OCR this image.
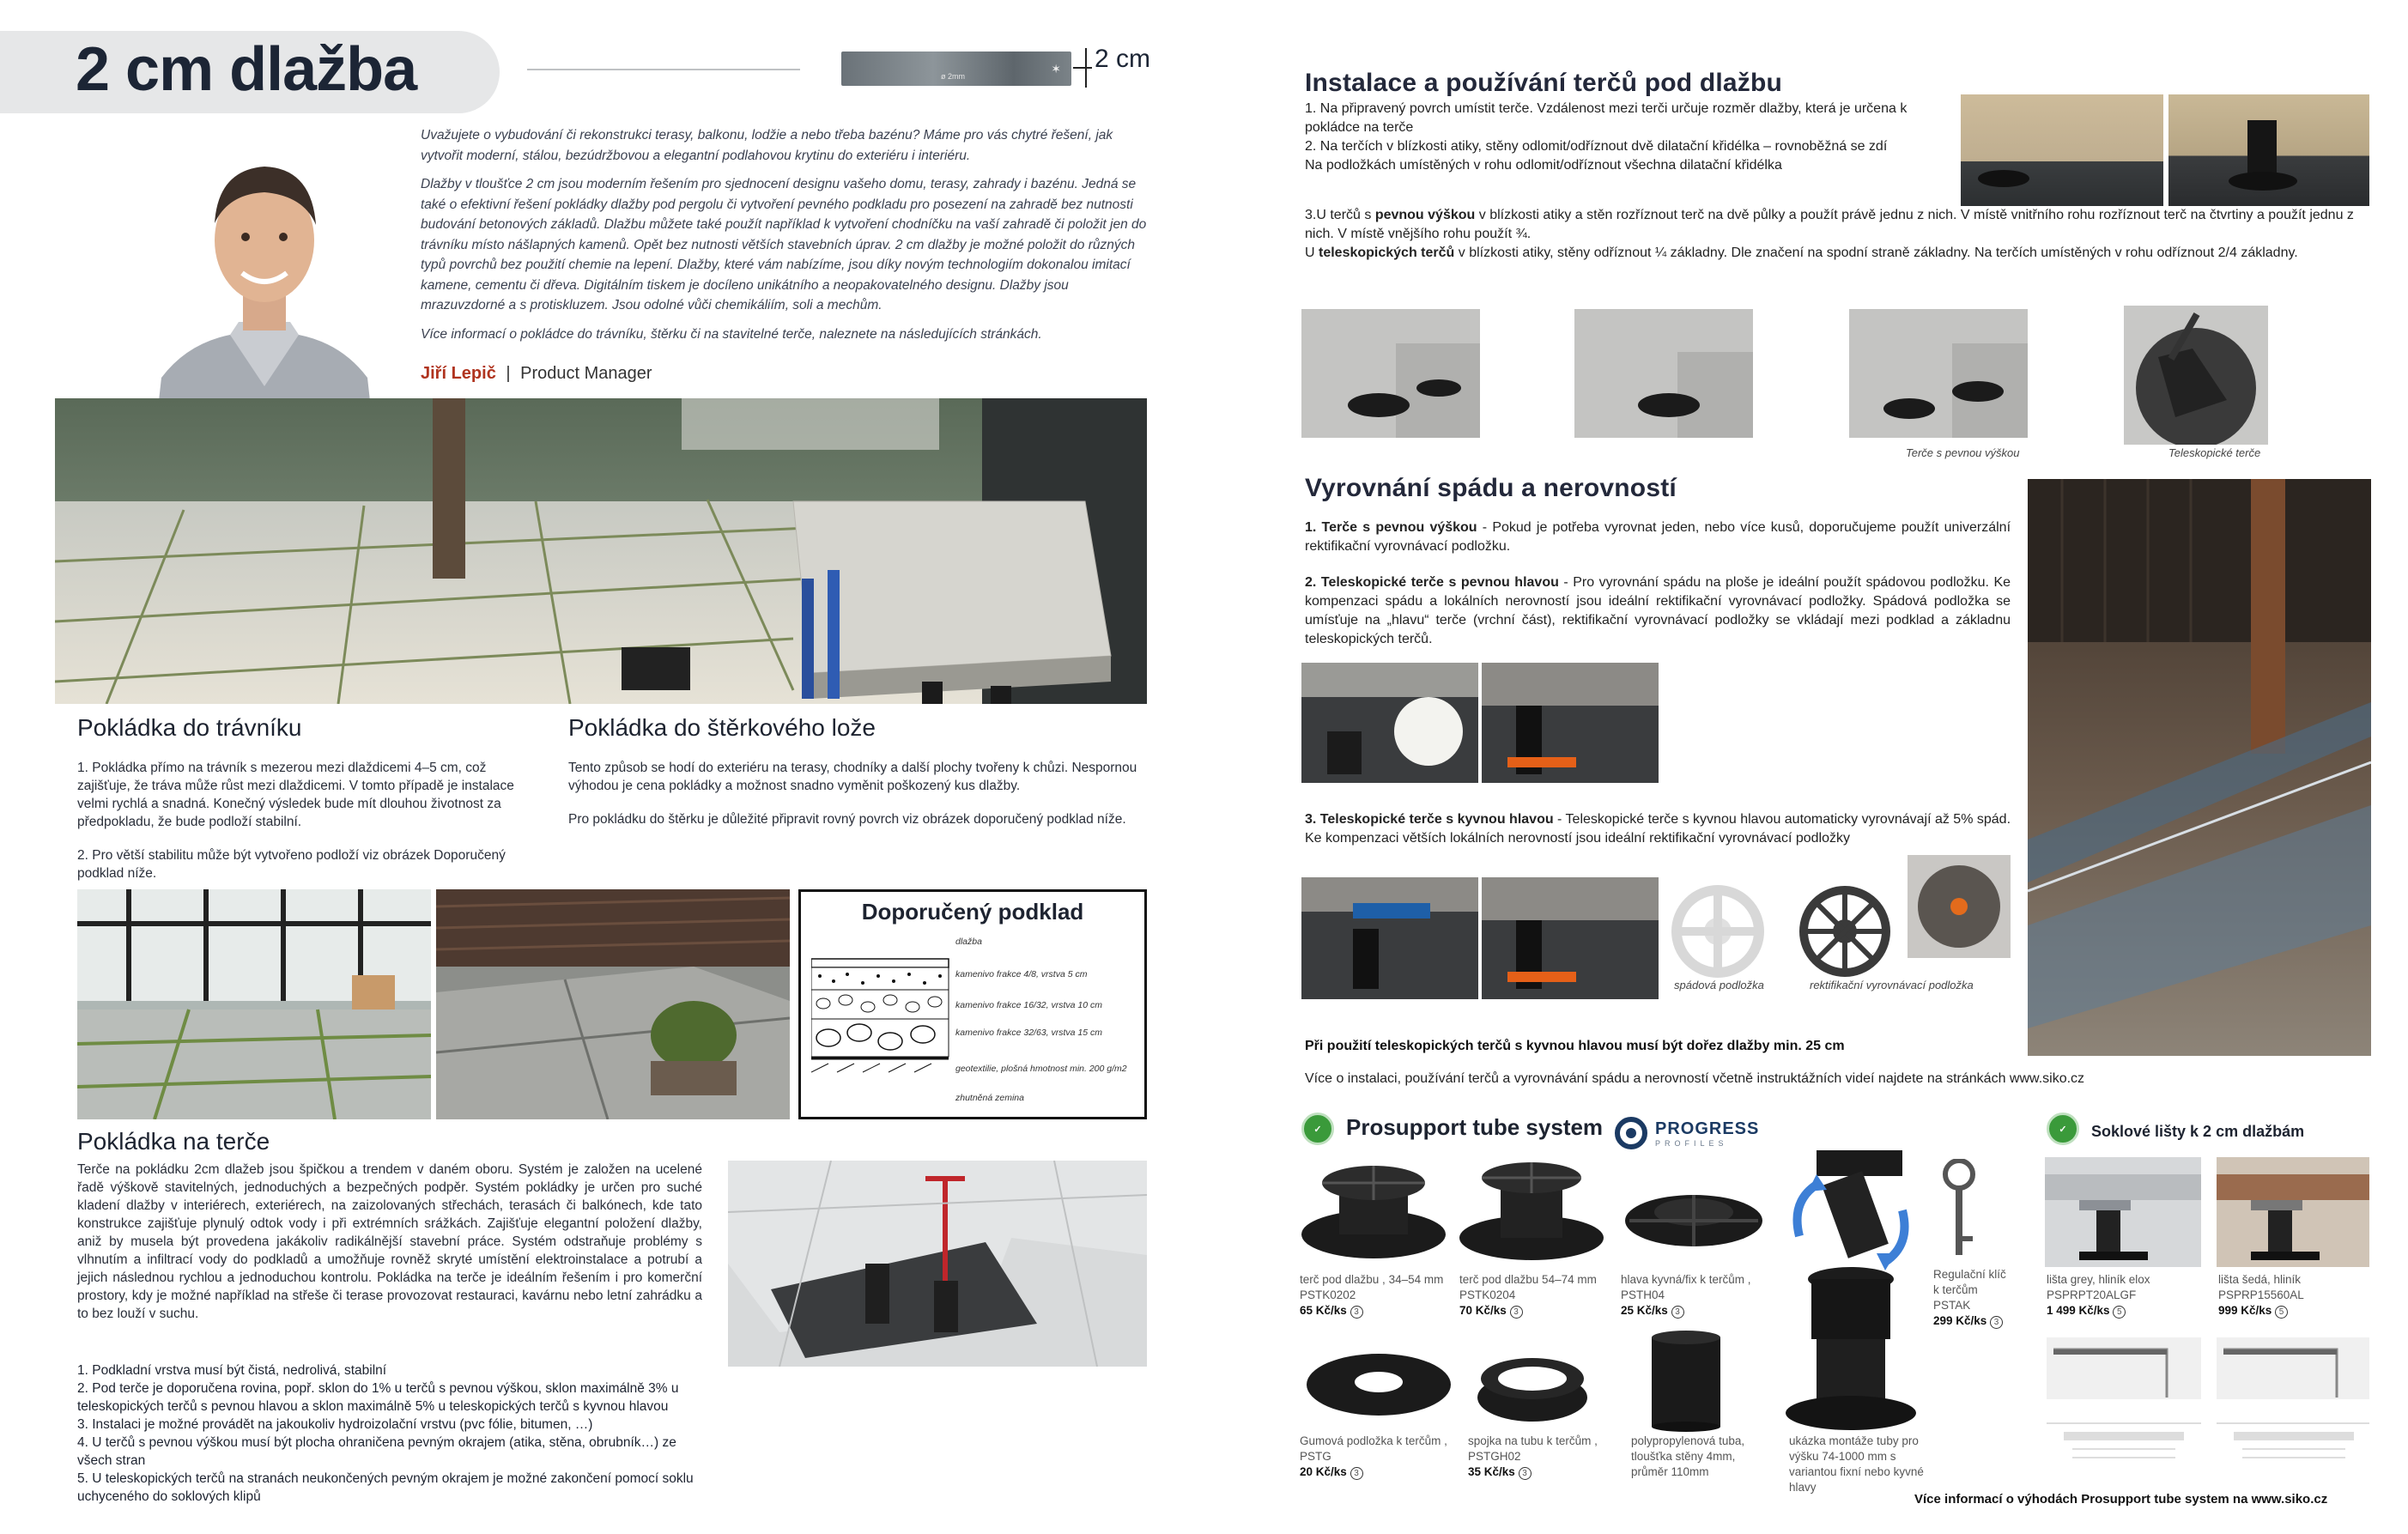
2 cm dlažba	ø 2mm
✶ 2 cm

Uvažujete o vybudování či rekonstrukci terasy, balkonu, lodžie a nebo třeba bazénu? Máme pro vás chytré řešení, jak vytvořit moderní, stálou, bezúdržbovou a elegantní podlahovou krytinu do exteriéru i interiéru.

Dlažby v tloušťce 2 cm jsou moderním řešením pro sjednocení designu vašeho domu, terasy, zahrady i bazénu. Jedná se také o efektivní řešení pokládky dlažby pod pergolu či vytvoření pevného podkladu pro posezení na zahradě bez nutnosti budování betonových základů. Dlažbu můžete také použít například k vytvoření chodníčku na vaší zahradě či položit jen do trávníku místo nášlapných kamenů. Opět bez nutnosti větších stavebních úprav. 2 cm dlažby je možné položit do různých typů povrchů bez použití chemie na lepení. Dlažby, které vám nabízíme, jsou díky novým technologiím dokonalou imitací kamene, cementu či dřeva. Digitálním tiskem je docíleno unikátního a neopakovatelného designu. Dlažby jsou mrazuvzdorné a s protiskluzem. Jsou odolné vůči chemikáliím, soli a mechům.

Více informací o pokládce do trávníku, štěrku či na stavitelné terče, naleznete na následujících stránkách.

Jiří Lepič | Product Manager
Pokládka do trávníku

1. Pokládka přímo na trávník s mezerou mezi dlaždicemi 4–5 cm, což zajišťuje, že tráva může růst mezi dlaždicemi. V tomto případě je instalace velmi rychlá a snadná. Konečný výsledek bude mít dlouhou životnost za předpokladu, že bude podloží stabilní.

2. Pro větší stabilitu může být vytvořeno podloží viz obrázek Doporučený podklad níže.

Pokládka do štěrkového lože

Tento způsob se hodí do exteriéru na terasy, chodníky a další plochy tvořeny k chůzi. Nespornou výhodou je cena pokládky a možnost snadno vyměnit poškozený kus dlažby.

Pro pokládku do štěrku je důležité připravit rovný povrch viz obrázek doporučený podklad níže.

Doporučený podklad
dlažba
kamenivo frakce 4/8, vrstva 5 cm
kamenivo frakce 16/32, vrstva 10 cm
kamenivo frakce 32/63, vrstva 15 cm
geotextilie, plošná hmotnost min. 200 g/m2
zhutněná zemina
Pokládka na terče

Terče na pokládku 2cm dlažeb jsou špičkou a trendem v daném oboru. Systém je založen na ucelené řadě výškově stavitelných, jednoduchých a bezpečných podpěr. Systém pokládky je určen pro suché kladení dlažby v interiérech, exteriérech, na zaizolovaných střechách, terasách či balkónech, kde tato konstrukce zajišťuje plynulý odtok vody i při extrémních srážkách. Zajišťuje elegantní položení dlažby, aniž by musela být provedena jakákoliv radikálnější stavební práce. Systém odstraňuje problémy s vlhnutím a infiltrací vody do podkladů a umožňuje rovněž skryté umístění elektroinstalace a potrubí a jejich následnou rychlou a jednoduchou kontrolu. Pokládka na terče je ideálním řešením i pro komerční prostory, kdy je možné například na střeše či terase provozovat restauraci, kavárnu nebo letní zahrádku a to bez louží v suchu.

1. Podkladní vrstva musí být čistá, nedrolivá, stabilní
2. Pod terče je doporučena rovina, popř. sklon do 1% u terčů s pevnou výškou, sklon maximálně 3% u teleskopických terčů s pevnou hlavou a sklon maximálně 5% u teleskopických terčů s kyvnou hlavou
3. Instalaci je možné provádět na jakoukoliv hydroizolační vrstvu (pvc fólie, bitumen, …)
4. U terčů s pevnou výškou musí být plocha ohraničena pevným okrajem (atika, stěna, obrubník…) ze všech stran
5. U teleskopických terčů na stranách neukončených pevným okrajem je možné zakončení pomocí soklu uchyceného do soklových klipů
Instalace a používání terčů pod dlažbu
1. Na připravený povrch umístit terče. Vzdálenost mezi terči určuje rozměr dlažby, která je určena k pokládce na terče
2. Na terčích v blízkosti atiky, stěny odlomit/odříznout dvě dilatační křidélka – rovnoběžná se zdí
Na podložkách umístěných v rohu odlomit/odříznout všechna dilatační křidélka

3.U terčů s pevnou výškou v blízkosti atiky a stěn rozříznout terč na dvě půlky a použít právě jednu z nich. V místě vnitřního rohu rozříznout terč na čtvrtiny a použít jednu z nich. V místě vnějšího rohu použít ¾.

U teleskopických terčů v blízkosti atiky, stěny odříznout ¼ základny. Dle značení na spodní straně základny. Na terčích umístěných v rohu odříznout 2/4 základny.

Terče s pevnou výškou	Teleskopické terče
Vyrovnání spádu a nerovností

1. Terče s pevnou výškou - Pokud je potřeba vyrovnat jeden, nebo více kusů, doporučujeme použít univerzální rektifikační vyrovnávací podložku.

2. Teleskopické terče s pevnou hlavou - Pro vyrovnání spádu na ploše je ideální použít spádovou podložku. Ke kompenzaci spádu a lokálních nerovností jsou ideální rektifikační vyrovnávací podložky. Spádová podložka se umísťuje na „hlavu“ terče (vrchní část), rektifikační vyrovnávací podložky se vkládají mezi podklad a základnu teleskopických terčů.

3. Teleskopické terče s kyvnou hlavou - Teleskopické terče s kyvnou hlavou automaticky vyrovnávají až 5% spád. Ke kompenzaci větších lokálních nerovností jsou ideální rektifikační vyrovnávací podložky

spádová podložka	rektifikační vyrovnávací podložka
Při použití teleskopických terčů s kyvnou hlavou musí být dořez dlažby min. 25 cm
Více o instalaci, používání terčů a vyrovnávání spádu a nerovností včetně instruktážních videí najdete na stránkách www.siko.cz
✓	Prosupport tube system	PROGRESS
PROFILES
terč pod dlažbu , 34–54 mm
PSTK0202
65 Kč/ks 3
terč pod dlažbu 54–74 mm
PSTK0204
70 Kč/ks 3
hlava kyvná/fix k terčům ,
PSTH04
25 Kč/ks 3
Regulační klíč k terčům
PSTAK
299 Kč/ks 3
Gumová podložka k terčům ,
PSTG
20 Kč/ks 3
spojka na tubu k terčům ,
PSTGH02
35 Kč/ks 3
polypropylenová tuba, tloušťka stěny 4mm, průměr 110mm
ukázka montáže tuby pro výšku 74-1000 mm s variantou fixní nebo kyvné hlavy
Více informací o výhodách Prosupport tube system na www.siko.cz
✓	Soklové lišty k 2 cm dlažbám
lišta grey, hliník elox
PSPRPT20ALGF
1 499 Kč/ks 5
lišta šedá, hliník
PSPRP15560AL
999 Kč/ks 5
